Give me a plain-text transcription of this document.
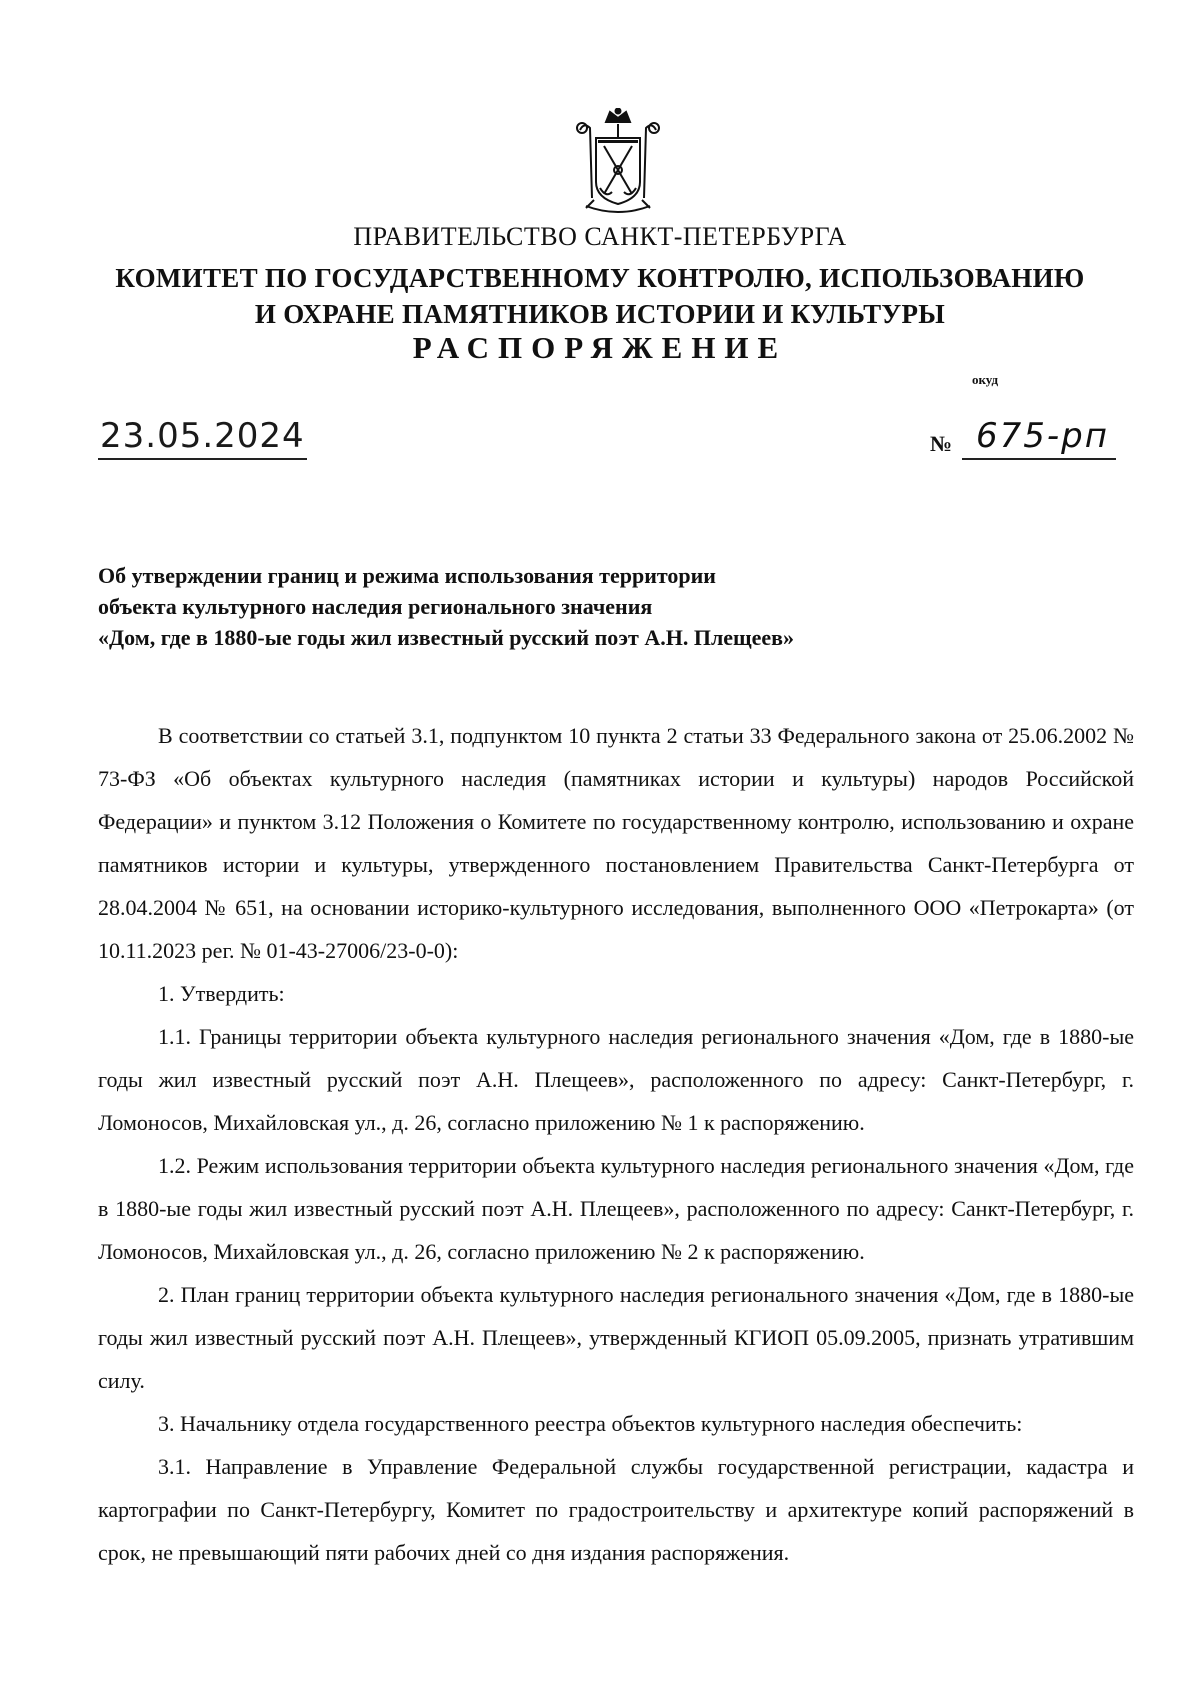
ПРАВИТЕЛЬСТВО САНКТ-ПЕТЕРБУРГА
КОМИТЕТ ПО ГОСУДАРСТВЕННОМУ КОНТРОЛЮ, ИСПОЛЬЗОВАНИЮ
И ОХРАНЕ ПАМЯТНИКОВ ИСТОРИИ И КУЛЬТУРЫ
РАСПОРЯЖЕНИЕ
окуд
23.05.2024	№ 675-рп
Об утверждении границ и режима использования территории
объекта культурного наследия регионального значения
«Дом, где в 1880-ые годы жил известный русский поэт А.Н. Плещеев»

В соответствии со статьей 3.1, подпунктом 10 пункта 2 статьи 33 Федерального закона от 25.06.2002 № 73-ФЗ «Об объектах культурного наследия (памятниках истории и культуры) народов Российской Федерации» и пунктом 3.12 Положения о Комитете по государственному контролю, использованию и охране памятников истории и культуры, утвержденного постановлением Правительства Санкт-Петербурга от 28.04.2004 № 651, на основании историко-культурного исследования, выполненного ООО «Петрокарта» (от 10.11.2023 рег. № 01-43-27006/23-0-0):

1. Утвердить:

1.1. Границы территории объекта культурного наследия регионального значения «Дом, где в 1880-ые годы жил известный русский поэт А.Н. Плещеев», расположенного по адресу: Санкт-Петербург, г. Ломоносов, Михайловская ул., д. 26, согласно приложению № 1 к распоряжению.

1.2. Режим использования территории объекта культурного наследия регионального значения «Дом, где в 1880-ые годы жил известный русский поэт А.Н. Плещеев», расположенного по адресу: Санкт-Петербург, г. Ломоносов, Михайловская ул., д. 26, согласно приложению № 2 к распоряжению.

2. План границ территории объекта культурного наследия регионального значения «Дом, где в 1880-ые годы жил известный русский поэт А.Н. Плещеев», утвержденный КГИОП 05.09.2005, признать утратившим силу.

3. Начальнику отдела государственного реестра объектов культурного наследия обеспечить:

3.1. Направление в Управление Федеральной службы государственной регистрации, кадастра и картографии по Санкт-Петербургу, Комитет по градостроительству и архитектуре копий распоряжений в срок, не превышающий пяти рабочих дней со дня издания распоряжения.
